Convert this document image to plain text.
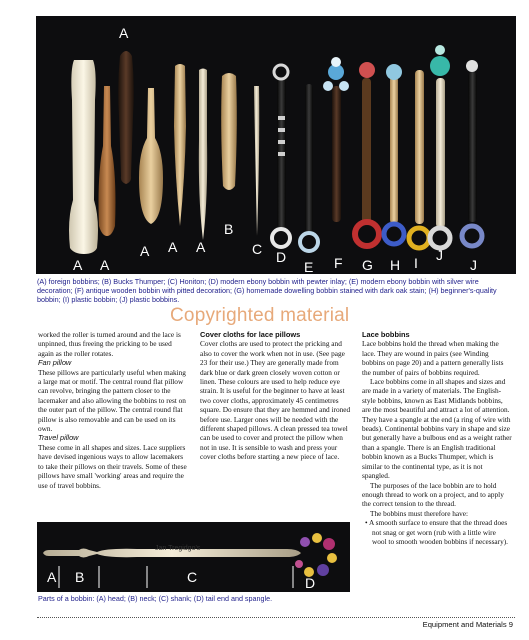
A
A A
A A A
B
C D
E F G H I J
J
(A) foreign bobbins; (B) Bucks Thumper; (C) Honiton; (D) modern ebony bobbin with pewter inlay; (E) modern ebony bobbin with silver wire decoration; (F) antique wooden bobbin with pitted decoration; (G) homemade dowelling bobbin stained with dark oak stain; (H) beginner's-quality bobbin; (I) plastic bobbin; (J) plastic bobbins.
Copyrighted material

worked the roller is turned around and the lace is unpinned, thus freeing the pricking to be used again as the roller rotates.

Fan pillow

These pillows are particularly useful when making a large mat or motif. The central round flat pillow can revolve, bringing the pattern closer to the lacemaker and also allowing the bobbins to rest on the outer part of the pillow. The central round flat pillow is also removable and can be used on its own.

Travel pillow

These come in all shapes and sizes. Lace suppliers have devised ingenious ways to allow lacemakers to take their pillows on their travels. Some of these pillows have small 'working' areas and require the use of travel bobbins.

Cover cloths for lace pillows

Cover cloths are used to protect the pricking and also to cover the work when not in use. (See page 23 for their use.) They are generally made from dark blue or dark green closely woven cotton or linen. These colours are used to help reduce eye strain. It is useful for the beginner to have at least two cover cloths, approximately 45 centimetres square. Do ensure that they are hemmed and ironed before use. Larger ones will be needed with the different shaped pillows. A clean pressed tea towel can be used to cover and protect the pillow when not in use. It is sensible to wash and press your cover cloths before starting a new piece of lace.

Lace bobbins

Lace bobbins hold the thread when making the lace. They are wound in pairs (see Winding bobbins on page 20) and a pattern generally lists the number of pairs of bobbins required.

Lace bobbins come in all shapes and sizes and are made in a variety of materials. The English-style bobbins, known as East Midlands bobbins, are the most beautiful and attract a lot of attention. They have a spangle at the end (a ring of wire with beads). Continental bobbins vary in shape and size but generally have a bulbous end as a weight rather than a spangle. There is an English traditional bobbin known as a Bucks Thumper, which is similar to the continental type, as it is not spangled.

The purposes of the lace bobbin are to hold enough thread to work on a project, and to apply the correct tension to the thread.

The bobbins must therefore have:

• A smooth surface to ensure that the thread does not snag or get worn (rub with a little wire wool to smooth wooden bobbins if necessary).

Jan Tregidgo's
A B	C	D
Parts of a bobbin: (A) head; (B) neck; (C) shank; (D) tail end and spangle.
Equipment and Materials 9
